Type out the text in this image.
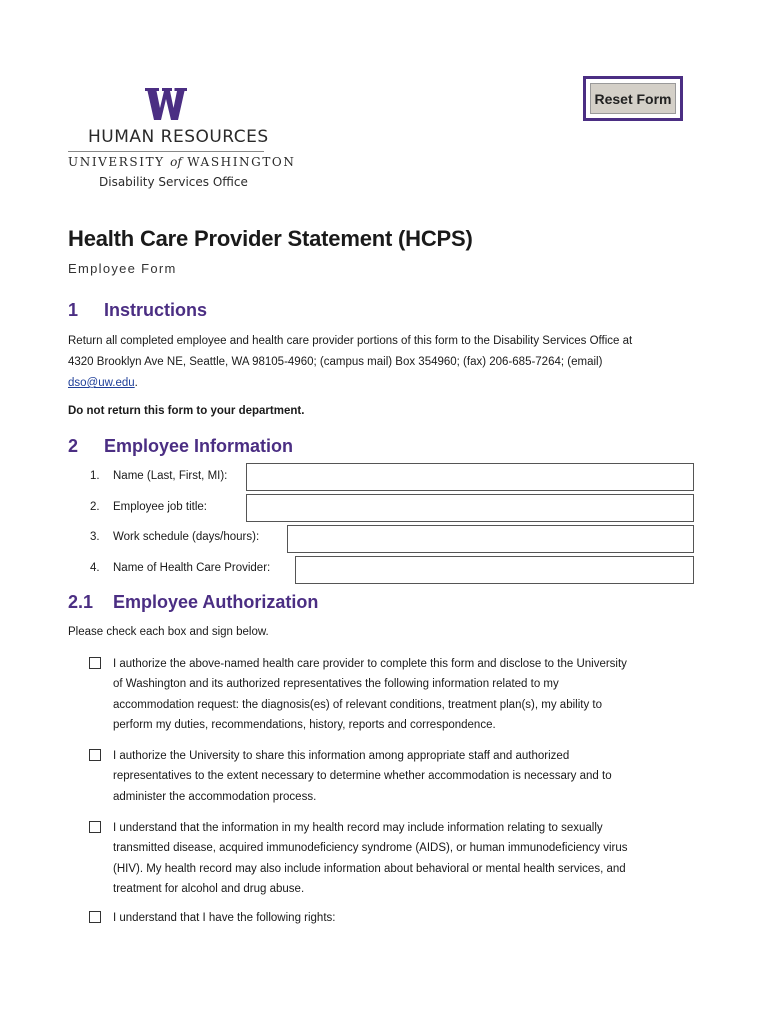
Reset Form
HUMAN RESOURCES
UNIVERSITY of WASHINGTON
Disability Services Office
Health Care Provider Statement (HCPS)
Employee Form
1 Instructions
Return all completed employee and health care provider portions of this form to the Disability Services Office at
4320 Brooklyn Ave NE, Seattle, WA 98105-4960; (campus mail) Box 354960; (fax) 206-685-7264; (email)
dso@uw.edu.
Do not return this form to your department.
2 Employee Information
1. Name (Last, First, MI):
2. Employee job title:
3. Work schedule (days/hours):
4. Name of Health Care Provider:
2.1 Employee Authorization
Please check each box and sign below.
I authorize the above-named health care provider to complete this form and disclose to the University
of Washington and its authorized representatives the following information related to my
accommodation request: the diagnosis(es) of relevant conditions, treatment plan(s), my ability to
perform my duties, recommendations, history, reports and correspondence.
I authorize the University to share this information among appropriate staff and authorized
representatives to the extent necessary to determine whether accommodation is necessary and to
administer the accommodation process.
I understand that the information in my health record may include information relating to sexually
transmitted disease, acquired immunodeficiency syndrome (AIDS), or human immunodeficiency virus
(HIV). My health record may also include information about behavioral or mental health services, and
treatment for alcohol and drug abuse.
I understand that I have the following rights:
